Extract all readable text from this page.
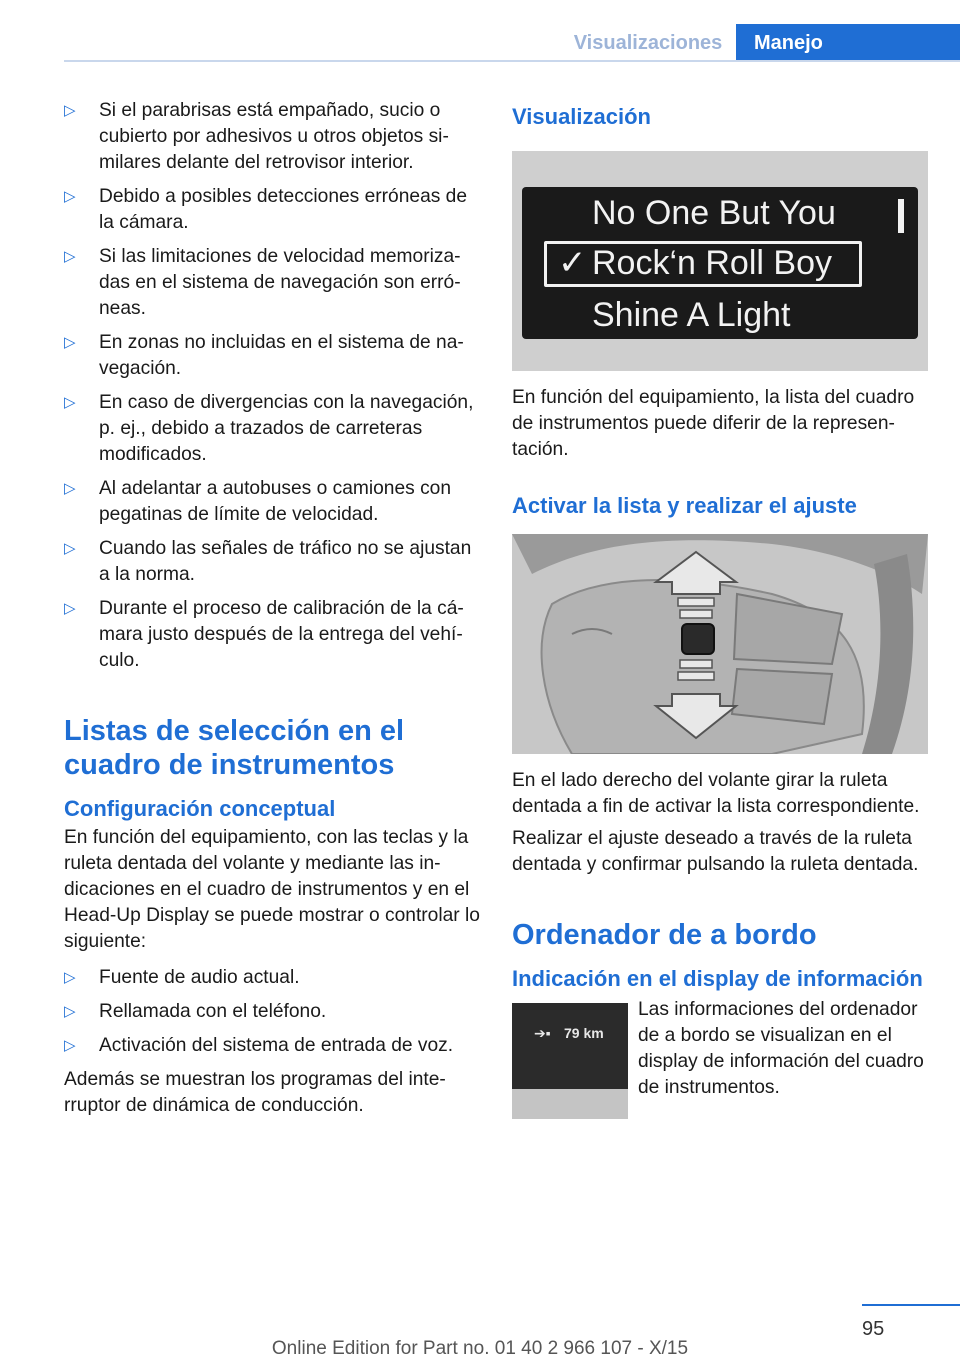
Visualizaciones	Manejo
▷ Si el parabrisas está empañado, sucio o cubierto por adhesivos u otros objetos similares delante del retrovisor interior.
▷ Debido a posibles detecciones erróneas de la cámara.
▷ Si las limitaciones de velocidad memorizadas en el sistema de navegación son erróneas.
▷ En zonas no incluidas en el sistema de navegación.
▷ En caso de divergencias con la navegación, p. ej., debido a trazados de carreteras modificados.
▷ Al adelantar a autobuses o camiones con pegatinas de límite de velocidad.
▷ Cuando las señales de tráfico no se ajustan a la norma.
▷ Durante el proceso de calibración de la cámara justo después de la entrega del vehículo.
Listas de selección en el cuadro de instrumentos
Configuración conceptual

En función del equipamiento, con las teclas y la ruleta dentada del volante y mediante las indicaciones en el cuadro de instrumentos y en el Head-Up Display se puede mostrar o controlar lo siguiente:

▷ Fuente de audio actual.
▷ Rellamada con el teléfono.
▷ Activación del sistema de entrada de voz.

Además se muestran los programas del interruptor de dinámica de conducción.

Visualización
No One But You
✓ Rock‘n Roll Boy
Shine A Light

En función del equipamiento, la lista del cuadro de instrumentos puede diferir de la representación.

Activar la lista y realizar el ajuste

En el lado derecho del volante girar la ruleta dentada a fin de activar la lista correspondiente.

Realizar el ajuste deseado a través de la ruleta dentada y confirmar pulsando la ruleta dentada.

Ordenador de a bordo
Indicación en el display de información
➔▪ 79 km

Las informaciones del ordenador de a bordo se visualizan en el display de información del cuadro de instrumentos.

95
Online Edition for Part no. 01 40 2 966 107 - X/15
